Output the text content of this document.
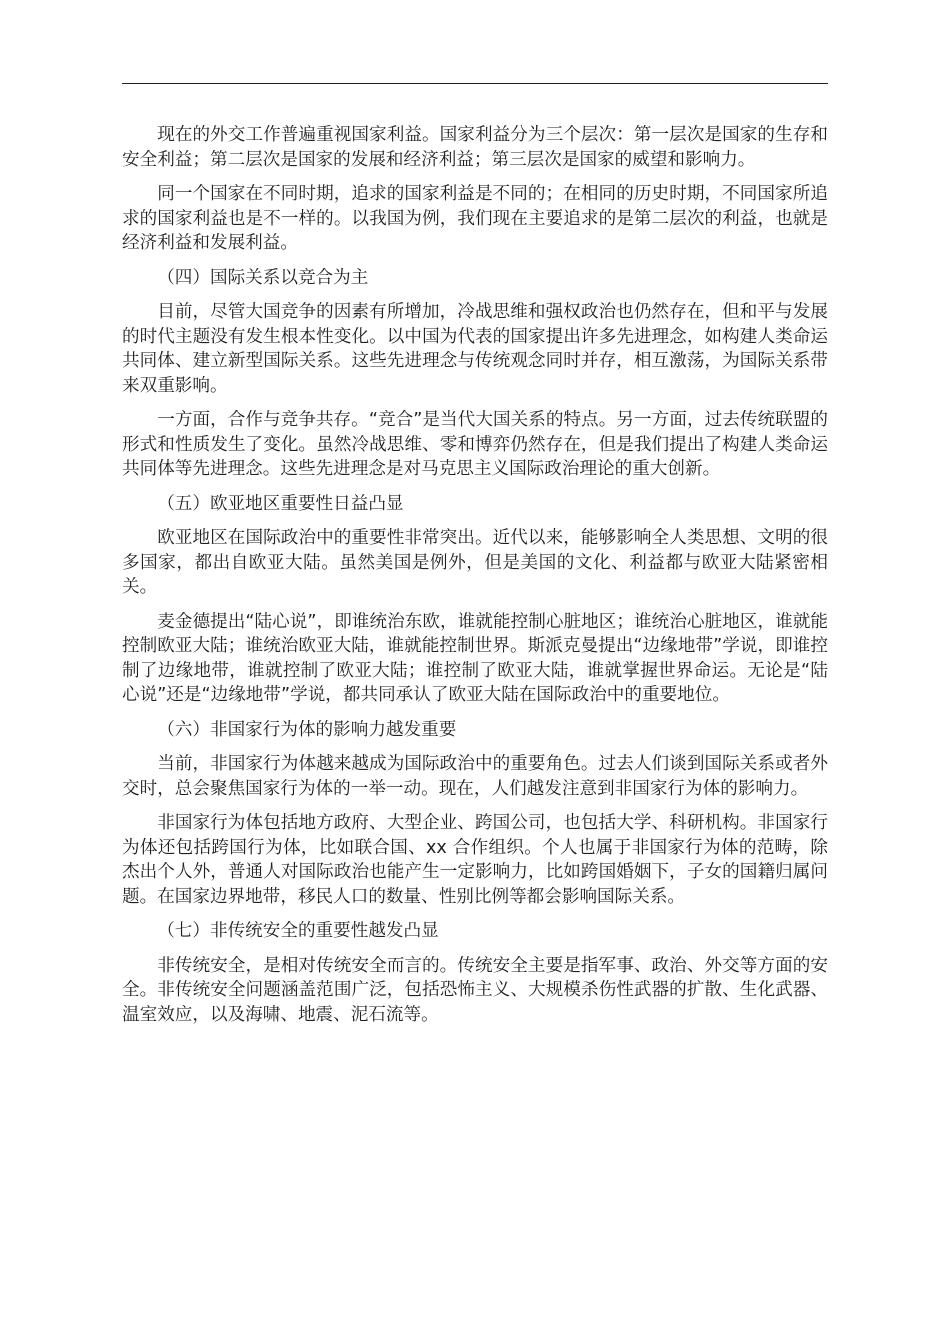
现在的外交工作普遍重视国家利益。国家利益分为三个层次：第一层次是国家的生存和安全利益；第二层次是国家的发展和经济利益；第三层次是国家的威望和影响力。

同一个国家在不同时期，追求的国家利益是不同的；在相同的历史时期，不同国家所追求的国家利益也是不一样的。以我国为例，我们现在主要追求的是第二层次的利益，也就是经济利益和发展利益。

（四）国际关系以竞合为主

目前，尽管大国竞争的因素有所增加，冷战思维和强权政治也仍然存在，但和平与发展的时代主题没有发生根本性变化。以中国为代表的国家提出许多先进理念，如构建人类命运共同体、建立新型国际关系。这些先进理念与传统观念同时并存，相互激荡，为国际关系带来双重影响。

一方面，合作与竞争共存。“竞合”是当代大国关系的特点。另一方面，过去传统联盟的形式和性质发生了变化。虽然冷战思维、零和博弈仍然存在，但是我们提出了构建人类命运共同体等先进理念。这些先进理念是对马克思主义国际政治理论的重大创新。

（五）欧亚地区重要性日益凸显

欧亚地区在国际政治中的重要性非常突出。近代以来，能够影响全人类思想、文明的很多国家，都出自欧亚大陆。虽然美国是例外，但是美国的文化、利益都与欧亚大陆紧密相关。

麦金德提出“陆心说”，即谁统治东欧，谁就能控制心脏地区；谁统治心脏地区，谁就能控制欧亚大陆；谁统治欧亚大陆，谁就能控制世界。斯派克曼提出“边缘地带”学说，即谁控制了边缘地带，谁就控制了欧亚大陆；谁控制了欧亚大陆，谁就掌握世界命运。无论是“陆心说”还是“边缘地带”学说，都共同承认了欧亚大陆在国际政治中的重要地位。

（六）非国家行为体的影响力越发重要

当前，非国家行为体越来越成为国际政治中的重要角色。过去人们谈到国际关系或者外交时，总会聚焦国家行为体的一举一动。现在，人们越发注意到非国家行为体的影响力。

非国家行为体包括地方政府、大型企业、跨国公司，也包括大学、科研机构。非国家行为体还包括跨国行为体，比如联合国、xx 合作组织。个人也属于非国家行为体的范畴，除杰出个人外，普通人对国际政治也能产生一定影响力，比如跨国婚姻下，子女的国籍归属问题。在国家边界地带，移民人口的数量、性别比例等都会影响国际关系。

（七）非传统安全的重要性越发凸显

非传统安全，是相对传统安全而言的。传统安全主要是指军事、政治、外交等方面的安全。非传统安全问题涵盖范围广泛，包括恐怖主义、大规模杀伤性武器的扩散、生化武器、温室效应，以及海啸、地震、泥石流等。
